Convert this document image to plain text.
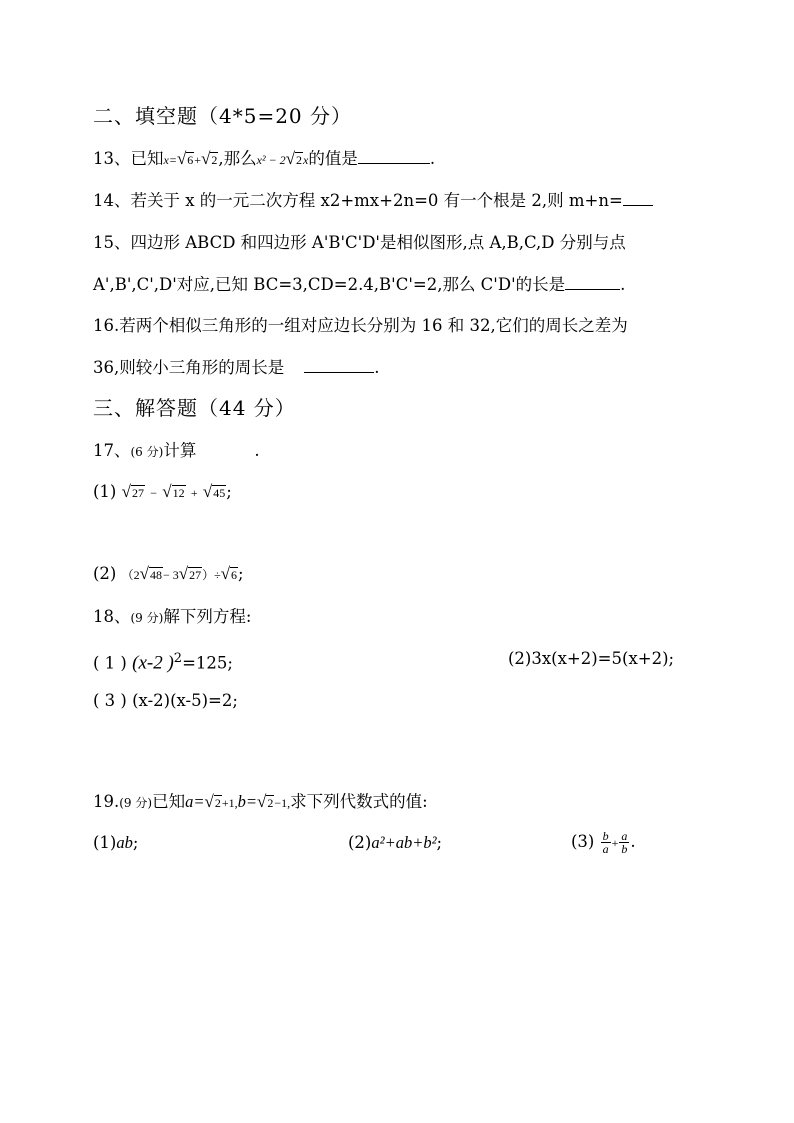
二、填空题（4*5=20 分）
13、已知x=√6+√2,那么x² − 2√2x的值是	.
14、若关于 x 的一元二次方程 x2+mx+2n=0 有一个根是 2,则 m+n=
15、四边形 ABCD 和四边形 A'B'C'D'是相似图形,点 A,B,C,D 分别与点
A',B',C',D'对应,已知 BC=3,CD=2.4,B'C'=2,那么 C'D'的长是	.
16.若两个相似三角形的一组对应边长分别为 16 和 32,它们的周长之差为
36,则较小三角形的周长是	.
三、解答题（44 分）
17、(6 分)计算	.
(1) √27 − √12 + √45;
(2) （2√48− 3√27）÷√6;
18、(9 分)解下列方程:
( 1 ) (x-2 )$^2$=125;	(2)3x(x+2)=5(x+2);
( 3 ) (x-2)(x-5)=2;
19.(9 分)已知a=√2+1,b=√2−1,求下列代数式的值:
(1)ab;	(2)a²+ab+b²;	$(3) \frac{b}{a} + \frac{a}{b}$ .
